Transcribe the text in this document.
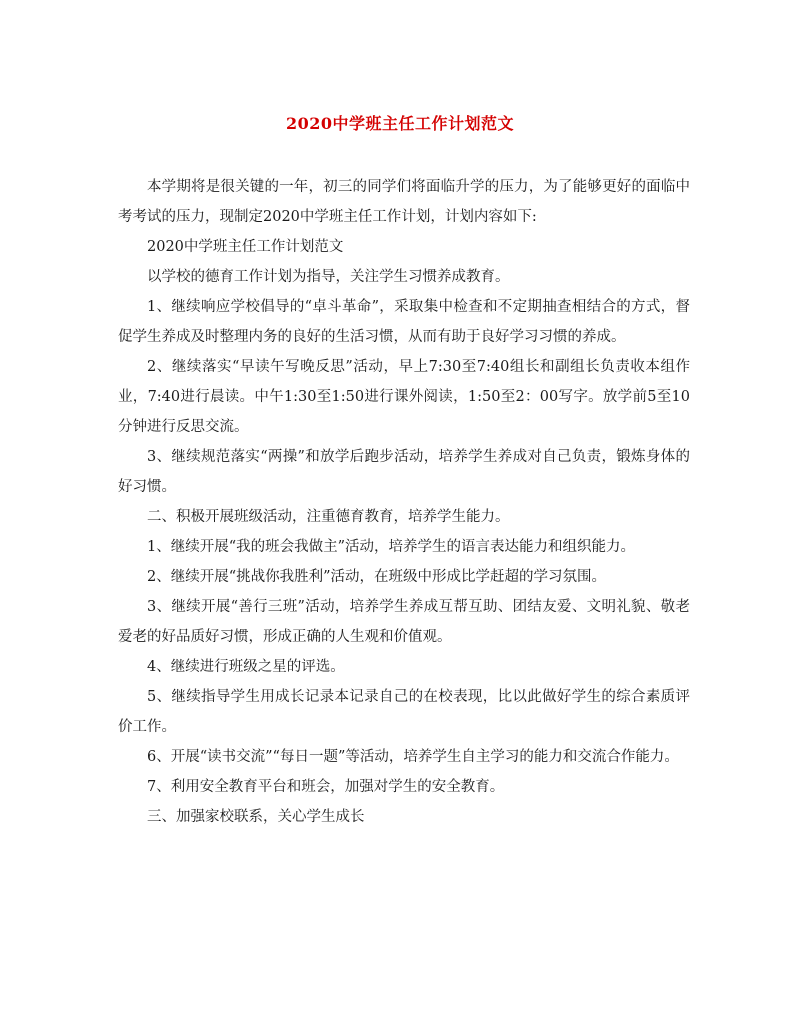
2020中学班主任工作计划范文

本学期将是很关键的一年，初三的同学们将面临升学的压力，为了能够更好的面临中考考试的压力，现制定2020中学班主任工作计划，计划内容如下:

2020中学班主任工作计划范文

以学校的德育工作计划为指导，关注学生习惯养成教育。

1、继续响应学校倡导的“卓斗革命”，采取集中检查和不定期抽查相结合的方式，督促学生养成及时整理内务的良好的生活习惯，从而有助于良好学习习惯的养成。

2、继续落实“早读午写晚反思”活动，早上7:30至7:40组长和副组长负责收本组作业，7:40进行晨读。中午1:30至1:50进行课外阅读，1:50至2：00写字。放学前5至10分钟进行反思交流。

3、继续规范落实“两操”和放学后跑步活动，培养学生养成对自己负责，锻炼身体的好习惯。

二、积极开展班级活动，注重德育教育，培养学生能力。

1、继续开展“我的班会我做主”活动，培养学生的语言表达能力和组织能力。

2、继续开展“挑战你我胜利”活动，在班级中形成比学赶超的学习氛围。

3、继续开展“善行三班”活动，培养学生养成互帮互助、团结友爱、文明礼貌、敬老爱老的好品质好习惯，形成正确的人生观和价值观。

4、继续进行班级之星的评选。

5、继续指导学生用成长记录本记录自己的在校表现，比以此做好学生的综合素质评价工作。

6、开展“读书交流”“每日一题”等活动，培养学生自主学习的能力和交流合作能力。

7、利用安全教育平台和班会，加强对学生的安全教育。

三、加强家校联系，关心学生成长
